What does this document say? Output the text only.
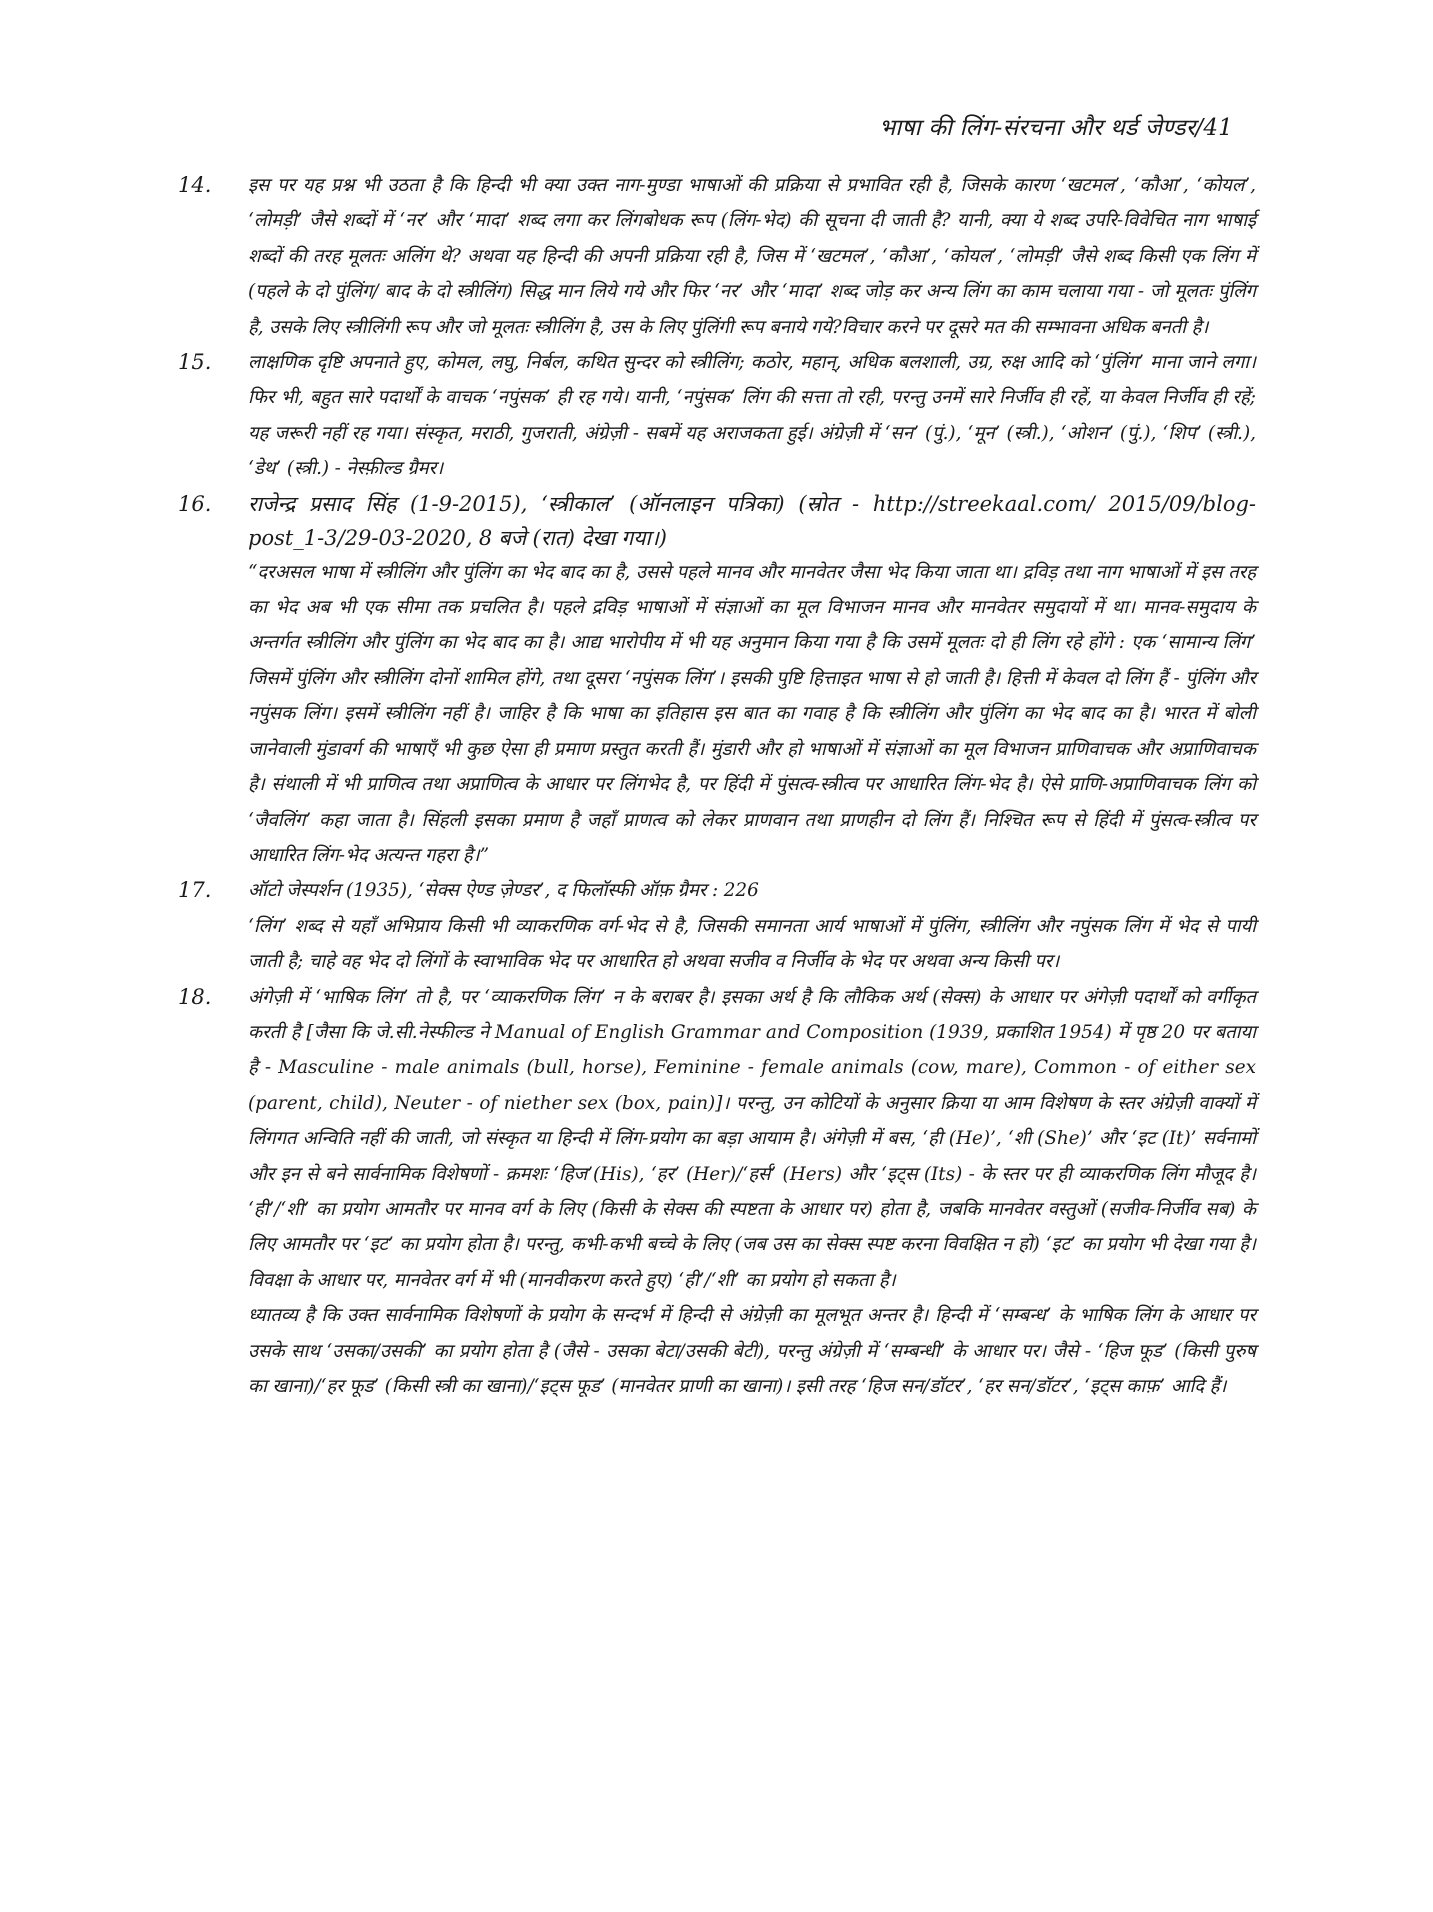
भाषा की लिंग-संरचना और थर्ड जेण्डर/41
14. इस पर यह प्रश्न भी उठता है कि हिन्दी भी क्या उक्त नाग-मुण्डा भाषाओं की प्रक्रिया से प्रभावित रही है, जिसके कारण ‘खटमल’, ‘कौआ’, ‘कोयल’, ‘लोमड़ी’ जैसे शब्दों में ‘नर’ और ‘मादा’ शब्द लगा कर लिंगबोधक रूप (लिंग-भेद) की सूचना दी जाती है? यानी, क्या ये शब्द उपरि-विवेचित नाग भाषाई शब्दों की तरह मूलतः अलिंग थे? अथवा यह हिन्दी की अपनी प्रक्रिया रही है, जिस में ‘खटमल’, ‘कौआ’, ‘कोयल’, ‘लोमड़ी’ जैसे शब्द किसी एक लिंग में (पहले के दो पुंलिंग/ बाद के दो स्त्रीलिंग) सिद्ध मान लिये गये और फिर ‘नर’ और ‘मादा’ शब्द जोड़ कर अन्य लिंग का काम चलाया गया - जो मूलतः पुंलिंग है, उसके लिए स्त्रीलिंगी रूप और जो मूलतः स्त्रीलिंग है, उस के लिए पुंलिंगी रूप बनाये गये?विचार करने पर दूसरे मत की सम्भावना अधिक बनती है।

15. लाक्षणिक दृष्टि अपनाते हुए, कोमल, लघु, निर्बल, कथित सुन्दर को स्त्रीलिंग; कठोर, महान्, अधिक बलशाली, उग्र, रुक्ष आदि को ‘पुंलिंग’ माना जाने लगा। फिर भी, बहुत सारे पदार्थों के वाचक ‘नपुंसक’ ही रह गये। यानी, ‘नपुंसक’ लिंग की सत्ता तो रही, परन्तु उनमें सारे निर्जीव ही रहें, या केवल निर्जीव ही रहें; यह जरूरी नहीं रह गया। संस्कृत, मराठी, गुजराती, अंग्रेज़ी - सबमें यह अराजकता हुई। अंग्रेज़ी में ‘सन’ (पुं.), ‘मून’ (स्त्री.), ‘ओशन’ (पुं.), ‘शिप’ (स्त्री.), ‘डेथ’ (स्त्री.) - नेस्फ़ील्ड ग्रैमर।

16. राजेन्द्र प्रसाद सिंह (1-9-2015), ‘स्त्रीकाल’ (ऑनलाइन पत्रिका) (स्रोत - http://streekaal.com/ 2015/09/blog-post_1-3/29-03-2020, 8 बजे (रात) देखा गया।)

“दरअसल भाषा में स्त्रीलिंग और पुंलिंग का भेद बाद का है, उससे पहले मानव और मानवेतर जैसा भेद किया जाता था। द्रविड़ तथा नाग भाषाओं में इस तरह का भेद अब भी एक सीमा तक प्रचलित है। पहले द्रविड़ भाषाओं में संज्ञाओं का मूल विभाजन मानव और मानवेतर समुदायों में था। मानव-समुदाय के अन्तर्गत स्त्रीलिंग और पुंलिंग का भेद बाद का है। आद्य भारोपीय में भी यह अनुमान किया गया है कि उसमें मूलतः दो ही लिंग रहे होंगे : एक ‘सामान्य लिंग’ जिसमें पुंलिंग और स्त्रीलिंग दोनों शामिल होंगे, तथा दूसरा ‘नपुंसक लिंग’। इसकी पुष्टि हित्ताइत भाषा से हो जाती है। हित्ती में केवल दो लिंग हैं - पुंलिंग और नपुंसक लिंग। इसमें स्त्रीलिंग नहीं है। जाहिर है कि भाषा का इतिहास इस बात का गवाह है कि स्त्रीलिंग और पुंलिंग का भेद बाद का है। भारत में बोली जानेवाली मुंडावर्ग की भाषाएँ भी कुछ ऐसा ही प्रमाण प्रस्तुत करती हैं। मुंडारी और हो भाषाओं में संज्ञाओं का मूल विभाजन प्राणिवाचक और अप्राणिवाचक है। संथाली में भी प्राणित्व तथा अप्राणित्व के आधार पर लिंगभेद है, पर हिंदी में पुंसत्व-स्त्रीत्व पर आधारित लिंग-भेद है। ऐसे प्राणि-अप्राणिवाचक लिंग को ‘जैवलिंग’ कहा जाता है। सिंहली इसका प्रमाण है जहाँ प्राणत्व को लेकर प्राणवान तथा प्राणहीन दो लिंग हैं। निश्चित रूप से हिंदी में पुंसत्व-स्त्रीत्व पर आधारित लिंग-भेद अत्यन्त गहरा है।”

17. ऑटो जेस्पर्शन (1935), ‘सेक्स ऐण्ड ज़ेण्डर’, द फिलॉस्फी ऑफ़ ग्रैमर : 226

‘लिंग’ शब्द से यहाँ अभिप्राय किसी भी व्याकरणिक वर्ग-भेद से है, जिसकी समानता आर्य भाषाओं में पुंलिंग, स्त्रीलिंग और नपुंसक लिंग में भेद से पायी जाती है; चाहे वह भेद दो लिंगों के स्वाभाविक भेद पर आधारित हो अथवा सजीव व निर्जीव के भेद पर अथवा अन्य किसी पर।

18. अंगेज़ी में ‘भाषिक लिंग’ तो है, पर ‘व्याकरणिक लिंग’ न के बराबर है। इसका अर्थ है कि लौकिक अर्थ (सेक्स) के आधार पर अंगेज़ी पदार्थों को वर्गीकृत करती है [जैसा कि जे.सी.नेस्फील्ड ने Manual of English Grammar and Composition (1939, प्रकाशित 1954) में पृष्ठ 20 पर बताया है - Masculine - male animals (bull, horse), Feminine - female animals (cow, mare), Common - of either sex (parent, child), Neuter - of niether sex (box, pain)]। परन्तु, उन कोटियों के अनुसार क्रिया या आम विशेषण के स्तर अंग्रेज़ी वाक्यों में लिंगगत अन्विति नहीं की जाती, जो संस्कृत या हिन्दी में लिंग-प्रयोग का बड़ा आयाम है। अंगेज़ी में बस, ‘ही (He)’, ‘शी (She)’ और ‘इट (It)’ सर्वनामों और इन से बने सार्वनामिक विशेषणों - क्रमशः ‘हिज’(His), ‘हर’ (Her)/‘हर्स’ (Hers) और ‘इट्स (Its) - के स्तर पर ही व्याकरणिक लिंग मौजूद है। ‘ही’/‘शी’ का प्रयोग आमतौर पर मानव वर्ग के लिए (किसी के सेक्स की स्पष्टता के आधार पर) होता है, जबकि मानवेतर वस्तुओं (सजीव-निर्जीव सब) के लिए आमतौर पर ‘इट’ का प्रयोग होता है। परन्तु, कभी-कभी बच्चे के लिए (जब उस का सेक्स स्पष्ट करना विवक्षित न हो) ‘इट’ का प्रयोग भी देखा गया है। विवक्षा के आधार पर, मानवेतर वर्ग में भी (मानवीकरण करते हुए) ‘ही’/‘शी’ का प्रयोग हो सकता है।

ध्यातव्य है कि उक्त सार्वनामिक विशेषणों के प्रयोग के सन्दर्भ में हिन्दी से अंग्रेज़ी का मूलभूत अन्तर है। हिन्दी में ‘सम्बन्ध’ के भाषिक लिंग के आधार पर उसके साथ ‘उसका/उसकी’ का प्रयोग होता है (जैसे - उसका बेटा/उसकी बेटी), परन्तु अंग्रेज़ी में ‘सम्बन्धी’ के आधार पर। जैसे - ‘हिज फूड’ (किसी पुरुष का खाना)/‘हर फूड’ (किसी स्त्री का खाना)/‘इट्स फूड’ (मानवेतर प्राणी का खाना)। इसी तरह ‘हिज सन/डॉटर’, ‘हर सन/डॉटर’, ‘इट्स काफ़’ आदि हैं।
